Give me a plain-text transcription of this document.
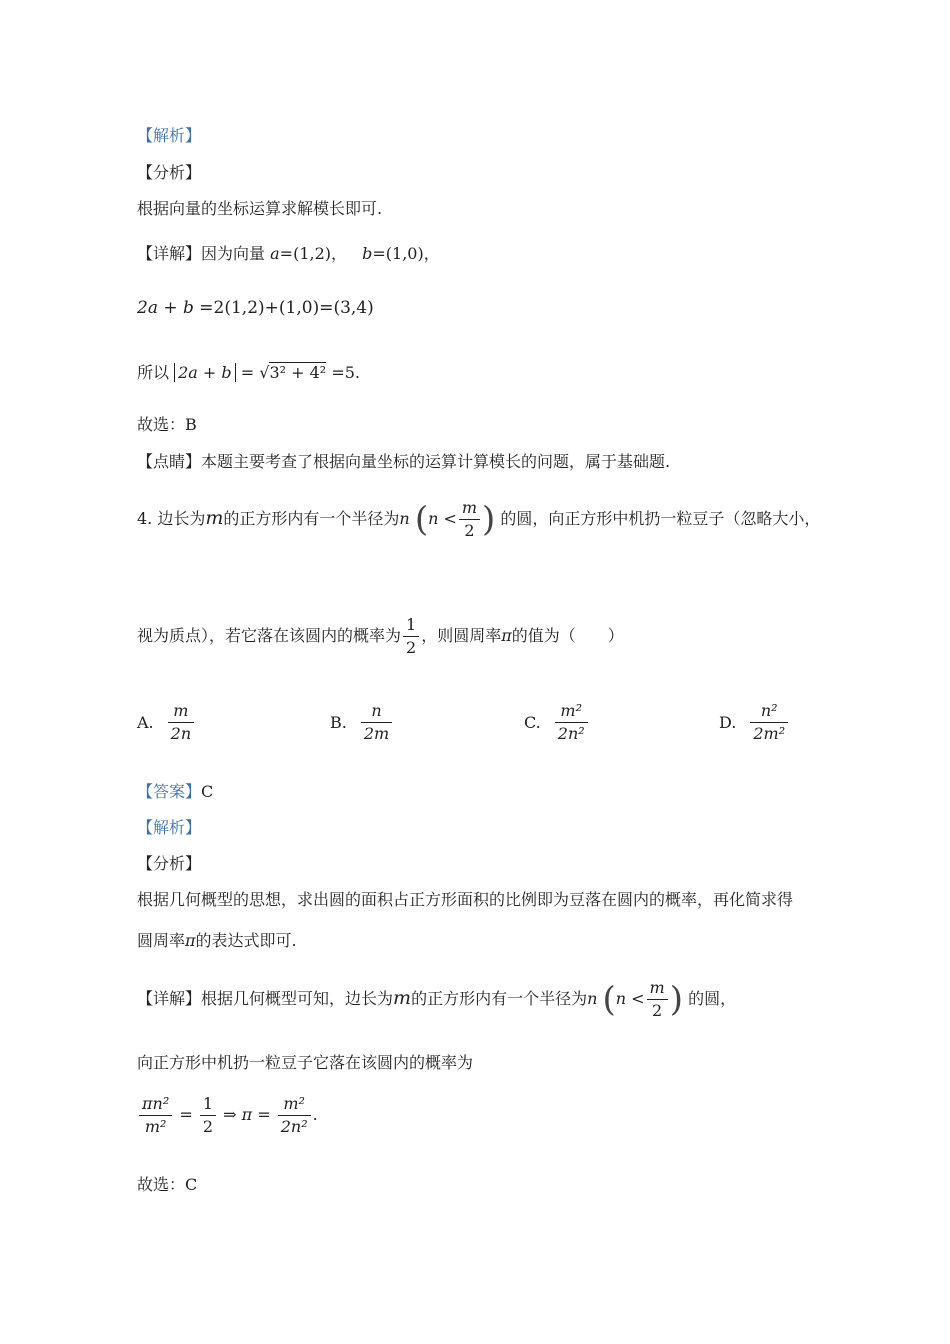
【解析】
【分析】
根据向量的坐标运算求解模长即可.
【详解】因为向量 a=(1,2)， b=(1,0)，
2a + b =2(1,2)+(1,0)=(3,4)
所以 2a + b = √3² + 4² =5.
故选：B
【点睛】本题主要考查了根据向量坐标的运算计算模长的问题，属于基础题.
4. 边长为m的正方形内有一个半径为n ($n < \frac{m}{2}$ ) 的圆，向正方形中机扔一粒豆子（忽略大小，
视为质点），若它落在该圆内的概率为 $\frac{1}{2}$ ，则圆周率π的值为（　　）
A. $\frac{m}{2n}$	B. $\frac{n}{2m}$	C. $\frac{\text{m²}}{\text{2n²}}$	D. $\frac{\text{n²}}{\text{2m²}}$
【答案】C
【解析】
【分析】
根据几何概型的思想，求出圆的面积占正方形面积的比例即为豆落在圆内的概率，再化简求得
圆周率π的表达式即可.
【详解】根据几何概型可知，边长为m的正方形内有一个半径为n ($n < \frac{m}{2}$ ) 的圆，
向正方形中机扔一粒豆子它落在该圆内的概率为
$\frac{\text{πn²}}{\text{m²}} = \frac{1}{2}$ ⇒ $\pi = \frac{\text{m²}}{\text{2n²}}$ .
故选：C
